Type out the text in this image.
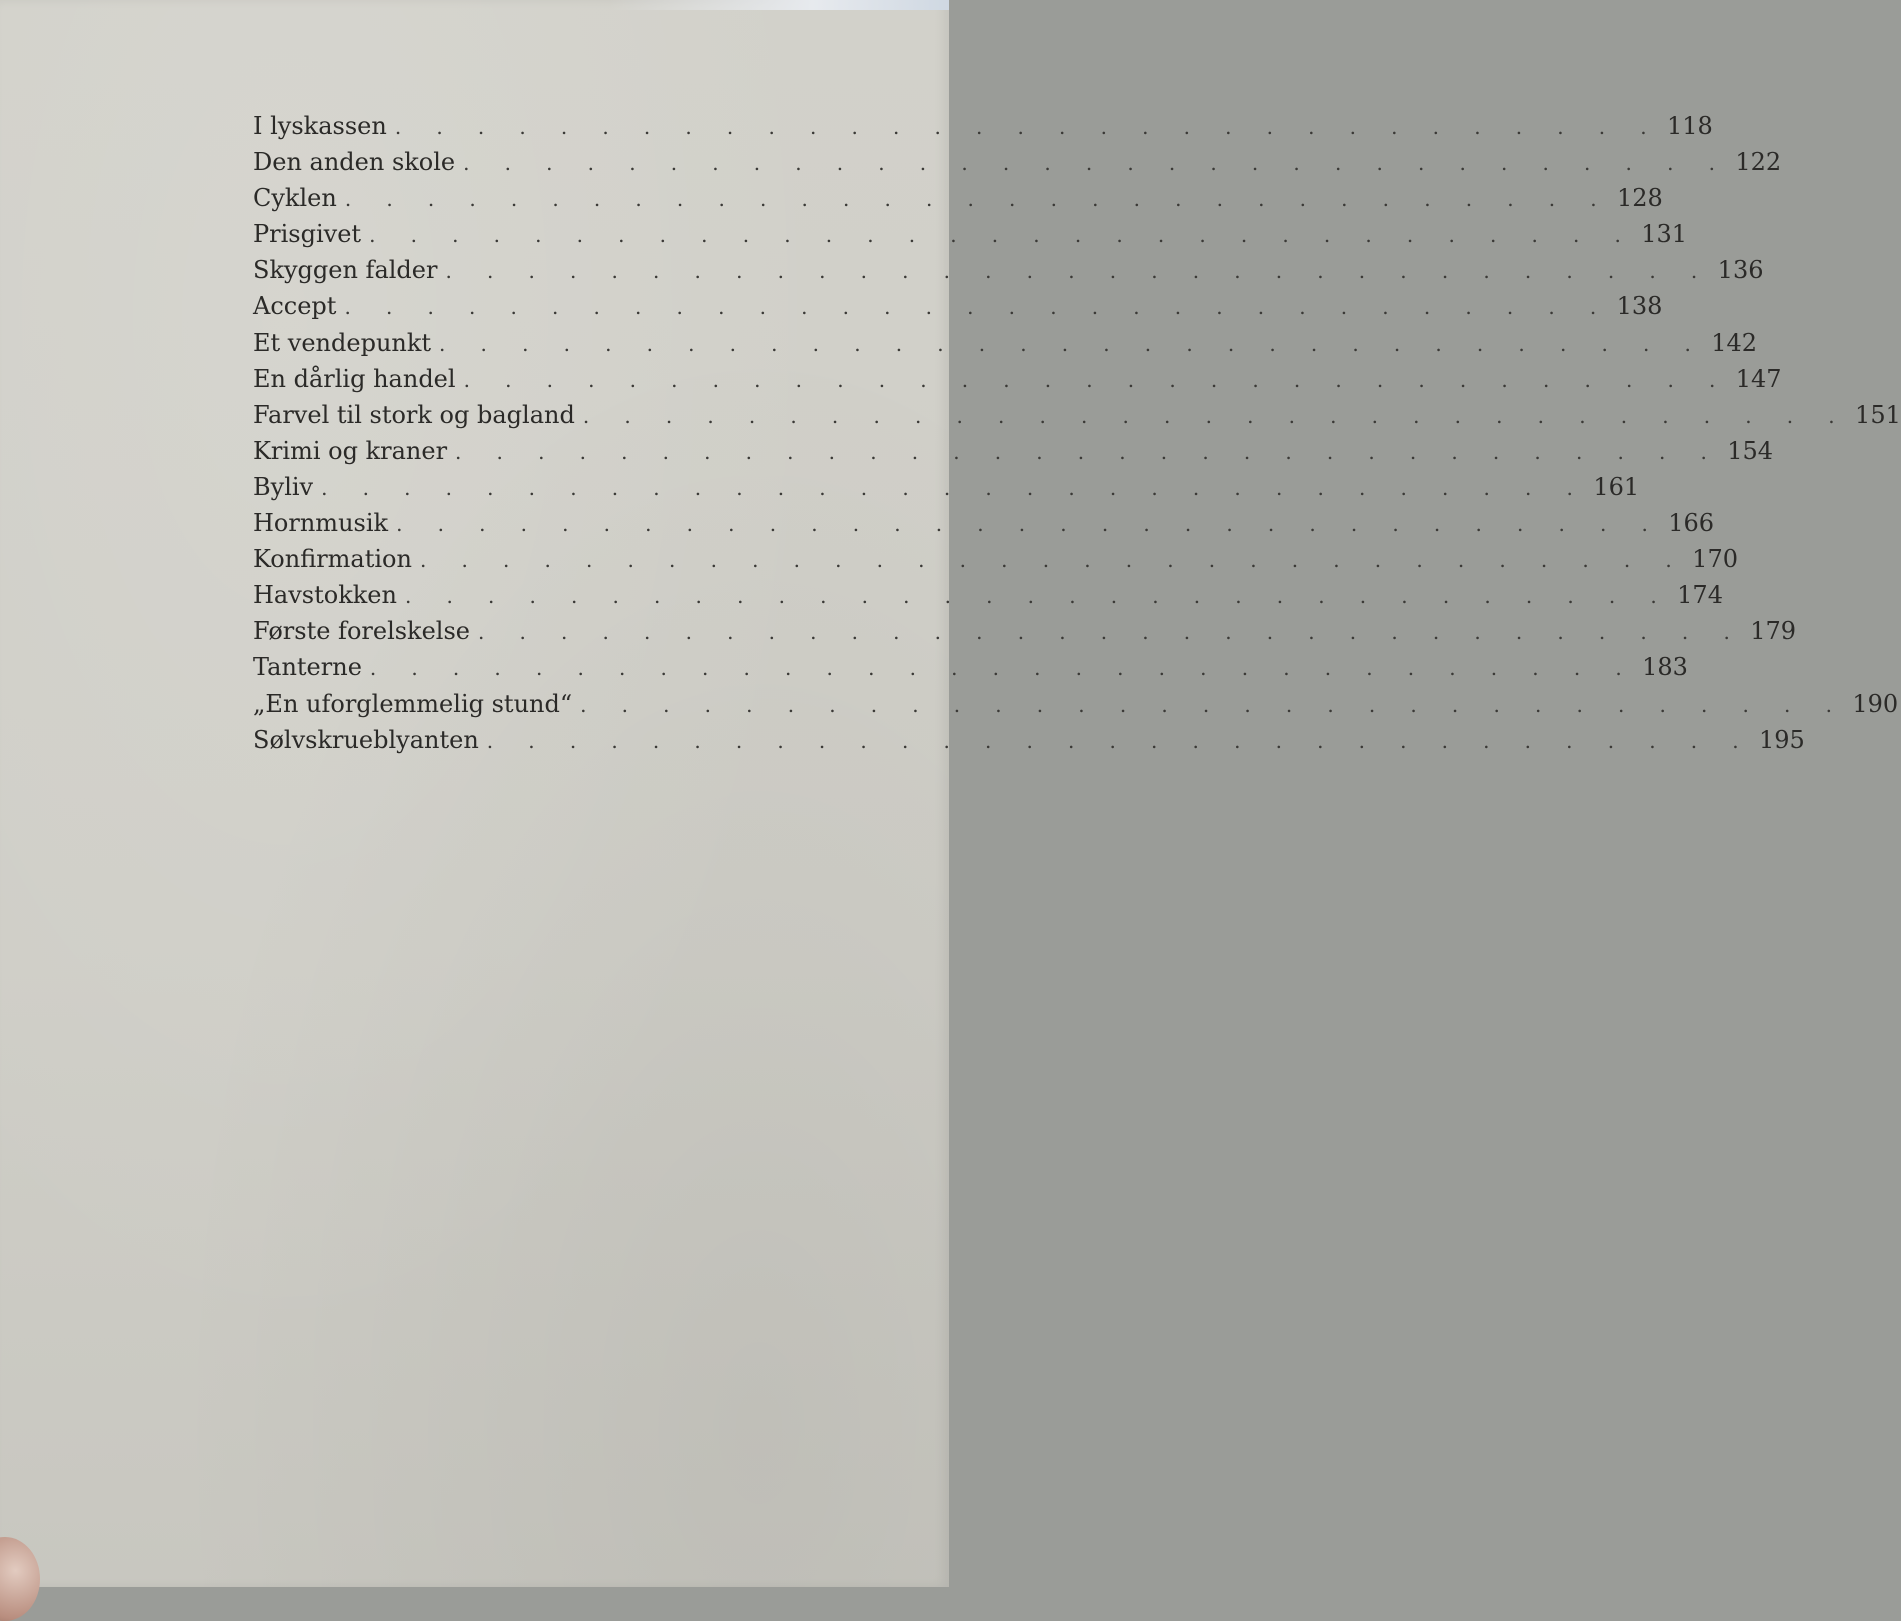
I lyskassen . . . . . . . . . . . . . . . . . . . . . . . . . . . . . . . 118
Den anden skole . . . . . . . . . . . . . . . . . . . . . . . . . . . . . . . 122
Cyklen . . . . . . . . . . . . . . . . . . . . . . . . . . . . . . . 128
Prisgivet . . . . . . . . . . . . . . . . . . . . . . . . . . . . . . . 131
Skyggen falder . . . . . . . . . . . . . . . . . . . . . . . . . . . . . . . 136
Accept . . . . . . . . . . . . . . . . . . . . . . . . . . . . . . . 138
Et vendepunkt . . . . . . . . . . . . . . . . . . . . . . . . . . . . . . . 142
En dårlig handel . . . . . . . . . . . . . . . . . . . . . . . . . . . . . . . 147
Farvel til stork og bagland . . . . . . . . . . . . . . . . . . . . . . . . . . . . . . . 151
Krimi og kraner . . . . . . . . . . . . . . . . . . . . . . . . . . . . . . . 154
Byliv . . . . . . . . . . . . . . . . . . . . . . . . . . . . . . . 161
Hornmusik . . . . . . . . . . . . . . . . . . . . . . . . . . . . . . . 166
Konfirmation . . . . . . . . . . . . . . . . . . . . . . . . . . . . . . . 170
Havstokken . . . . . . . . . . . . . . . . . . . . . . . . . . . . . . . 174
Første forelskelse . . . . . . . . . . . . . . . . . . . . . . . . . . . . . . . 179
Tanterne . . . . . . . . . . . . . . . . . . . . . . . . . . . . . . . 183
„En uforglemmelig stund“ . . . . . . . . . . . . . . . . . . . . . . . . . . . . . . . 190
Sølvskrueblyanten . . . . . . . . . . . . . . . . . . . . . . . . . . . . . . . 195
